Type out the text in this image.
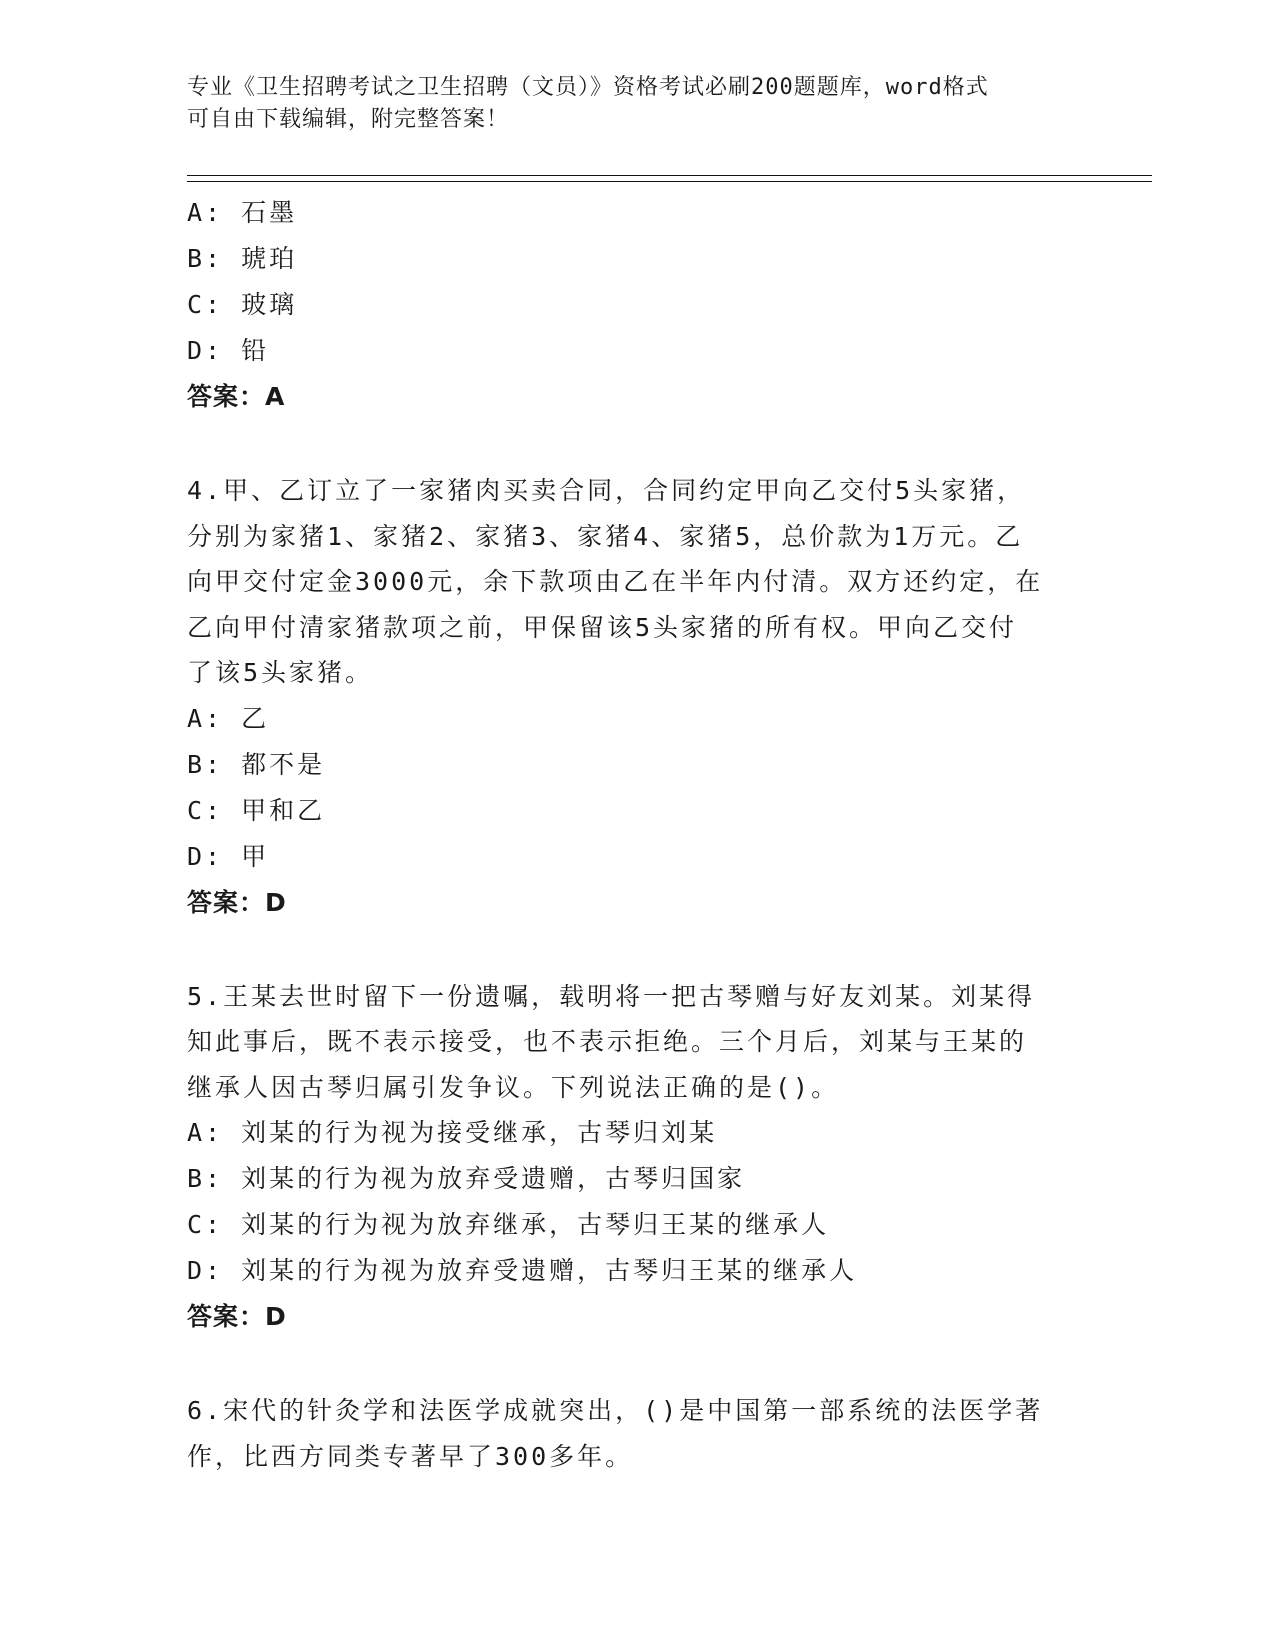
专业《卫生招聘考试之卫生招聘（文员）》资格考试必刷200题题库，word格式
可自由下载编辑，附完整答案！
A: 石墨
B: 琥珀
C: 玻璃
D: 铅
答案：A
4.甲、乙订立了一家猪肉买卖合同，合同约定甲向乙交付5头家猪，
分别为家猪1、家猪2、家猪3、家猪4、家猪5，总价款为1万元。乙
向甲交付定金3000元，余下款项由乙在半年内付清。双方还约定，在
乙向甲付清家猪款项之前，甲保留该5头家猪的所有权。甲向乙交付
了该5头家猪。
A: 乙
B: 都不是
C: 甲和乙
D: 甲
答案：D
5.王某去世时留下一份遗嘱，载明将一把古琴赠与好友刘某。刘某得
知此事后，既不表示接受，也不表示拒绝。三个月后，刘某与王某的
继承人因古琴归属引发争议。下列说法正确的是()。
A: 刘某的行为视为接受继承，古琴归刘某
B: 刘某的行为视为放弃受遗赠，古琴归国家
C: 刘某的行为视为放弃继承，古琴归王某的继承人
D: 刘某的行为视为放弃受遗赠，古琴归王某的继承人
答案：D
6.宋代的针灸学和法医学成就突出，()是中国第一部系统的法医学著
作，比西方同类专著早了300多年。
